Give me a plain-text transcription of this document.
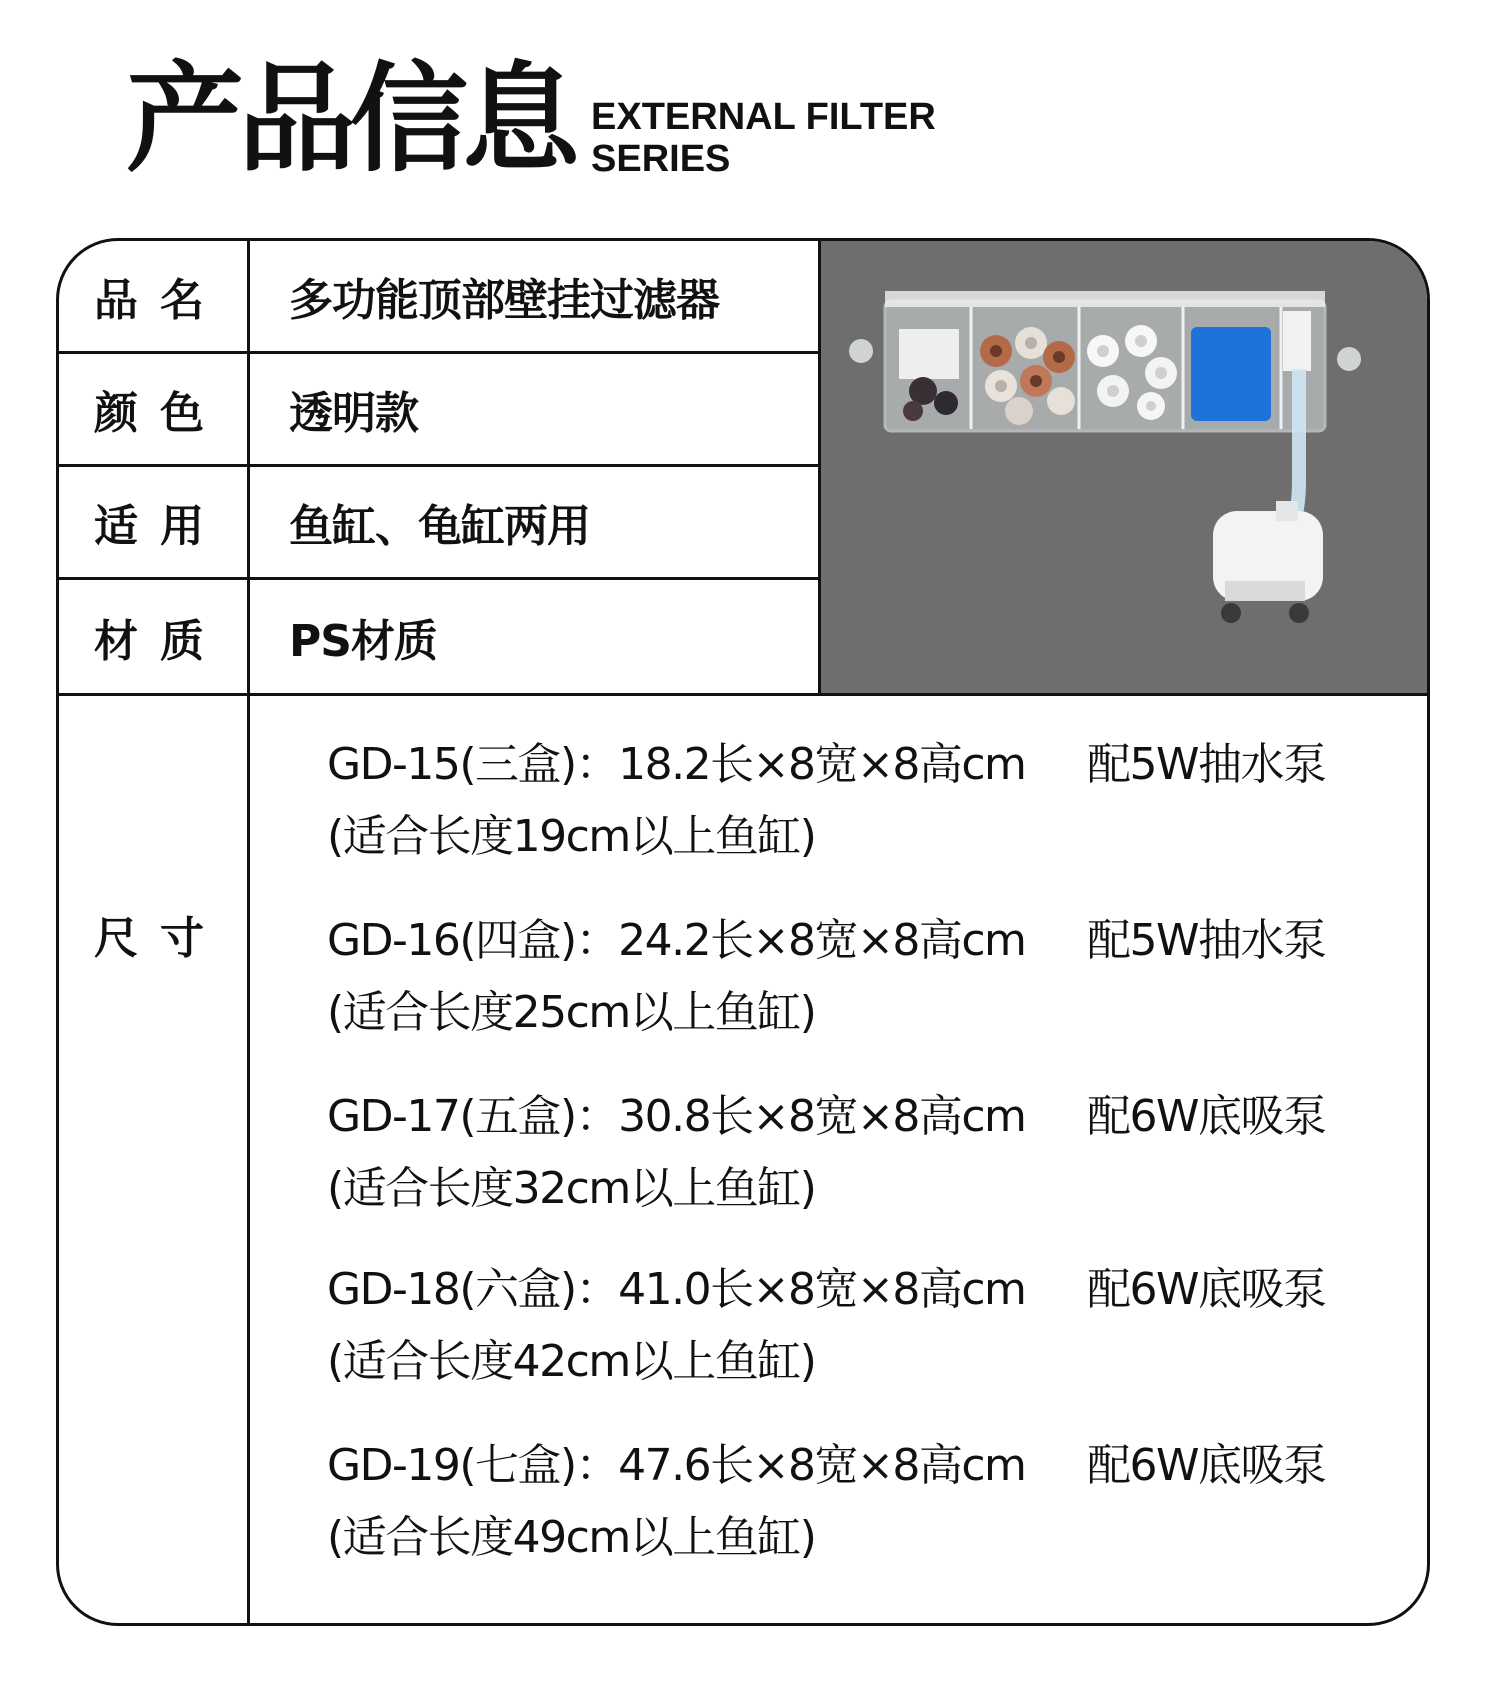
产品信息 EXTERNAL FILTER
SERIES
品名	多功能顶部壁挂过滤器
颜色	透明款
适用	鱼缸、龟缸两用
材质	PS材质
尺寸
GD-15(三盒)：18.2长×8宽×8高cm 配5W抽水泵
(适合长度19cm以上鱼缸)
GD-16(四盒)：24.2长×8宽×8高cm 配5W抽水泵
(适合长度25cm以上鱼缸)
GD-17(五盒)：30.8长×8宽×8高cm 配6W底吸泵
(适合长度32cm以上鱼缸)
GD-18(六盒)：41.0长×8宽×8高cm 配6W底吸泵
(适合长度42cm以上鱼缸)
GD-19(七盒)：47.6长×8宽×8高cm 配6W底吸泵
(适合长度49cm以上鱼缸)
